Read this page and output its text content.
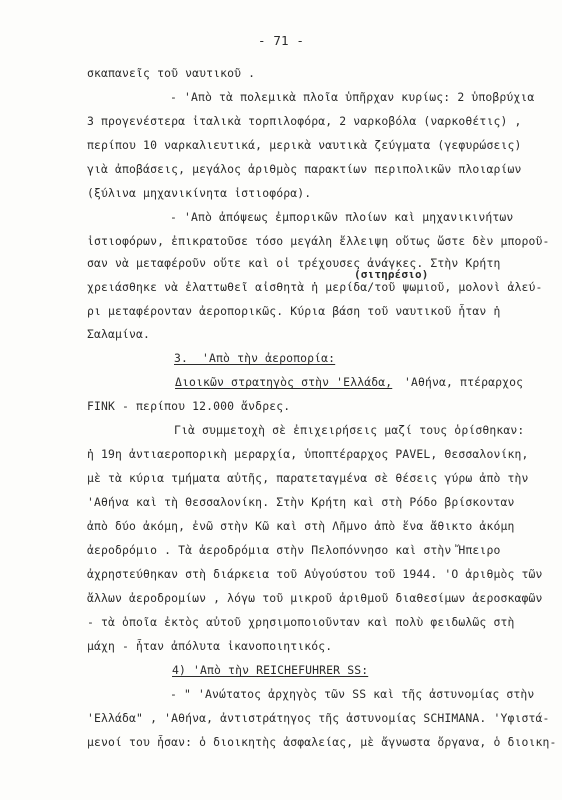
- 71 -
σκαπανεῖς τοῦ ναυτικοῦ .
- 'Απὸ τὰ πολεμικὰ πλοῖα ὑπῆρχαν κυρίως: 2 ὑποβρύχια
3 προγενέστερα ἰταλικὰ τορπιλοφόρα, 2 ναρκοβόλα (ναρκοθέτις) ,
περίπου 10 ναρκαλιευτικά, μερικὰ ναυτικὰ ζεύγματα (γεφυρώσεις)
γιὰ ἀποβάσεις, μεγάλος ἀριθμὸς παρακτίων περιπολικῶν πλοιαρίων
(ξύλινα μηχανικίνητα ἱστιοφόρα).
- 'Απὸ ἀπόψεως ἐμπορικῶν πλοίων καὶ μηχανικινήτων
ἱστιοφόρων, ἐπικρατοῦσε τόσο μεγάλη ἔλλειψη οὔτως ὥστε δὲν μποροῦ-
σαν νὰ μεταφέροῦν οὔτε καὶ οἱ τρέχουσες ἀνάγκες. Στὴν Κρήτη
(σιτηρέσιο)
χρειάσθηκε νὰ ἐλαττωθεῖ αἰσθητὰ ἡ μερίδα/τοῦ ψωμιοῦ, μολονὶ ἀλεύ-
ρι μεταφέρονταν ἀεροπορικῶς. Κύρια βάση τοῦ ναυτικοῦ ἦταν ἡ
Σαλαμίνα.
3.__'Απὸ_τὴν_ἀεροπορία:
Διοικῶν_στρατηγὸς_στὴν_'Ελλάδα, 'Αθήνα, πτέραρχος
FINK - περίπου 12.000 ἄνδρες.
Γιὰ συμμετοχὴ σὲ ἐπιχειρήσεις μαζί τους ὁρίσθηκαν:
ἡ 19η ἀντιαεροπορικὴ μεραρχία, ὑποπτέραρχος PAVEL, Θεσσαλονίκη,
μὲ τὰ κύρια τμήματα αὐτῆς, παρατεταγμένα σὲ θέσεις γύρω ἀπὸ τὴν
'Αθήνα καὶ τὴ Θεσσαλονίκη. Στὴν Κρήτη καὶ στὴ Ρόδο βρίσκονταν
ἀπὸ δύο ἀκόμη, ἐνῶ στὴν Κῶ καὶ στὴ Λῆμνο ἀπὸ ἕνα ἄθικτο ἀκόμη
ἀεροδρόμιο . Τὰ ἀεροδρόμια στὴν Πελοπόννησο καὶ στὴν Ἤπειρο
ἀχρηστεύθηκαν στὴ διάρκεια τοῦ Αὐγούστου τοῦ 1944. 'Ο ἀριθμὸς τῶν
ἄλλων ἀεροδρομίων , λόγω τοῦ μικροῦ ἀριθμοῦ διαθεσίμων ἀεροσκαφῶν
- τὰ ὁποῖα ἐκτὸς αὐτοῦ χρησιμοποιοῦνταν καὶ πολὺ φειδωλῶς στὴ
μάχη - ἦταν ἀπόλυτα ἱκανοποιητικός.
4) 'Απὸ_τὴν_REICHEFUHRER_SS:
- " 'Ανώτατος ἀρχηγὸς τῶν SS καὶ τῆς ἀστυνομίας στὴν
'Ελλάδα" , 'Αθήνα, ἀντιστράτηγος τῆς ἀστυνομίας SCHIMANA. 'Υφιστά-
μενοί του ἦσαν: ὁ διοικητὴς ἀσφαλείας, μὲ ἄγνωστα ὄργανα, ὁ διοικη-
